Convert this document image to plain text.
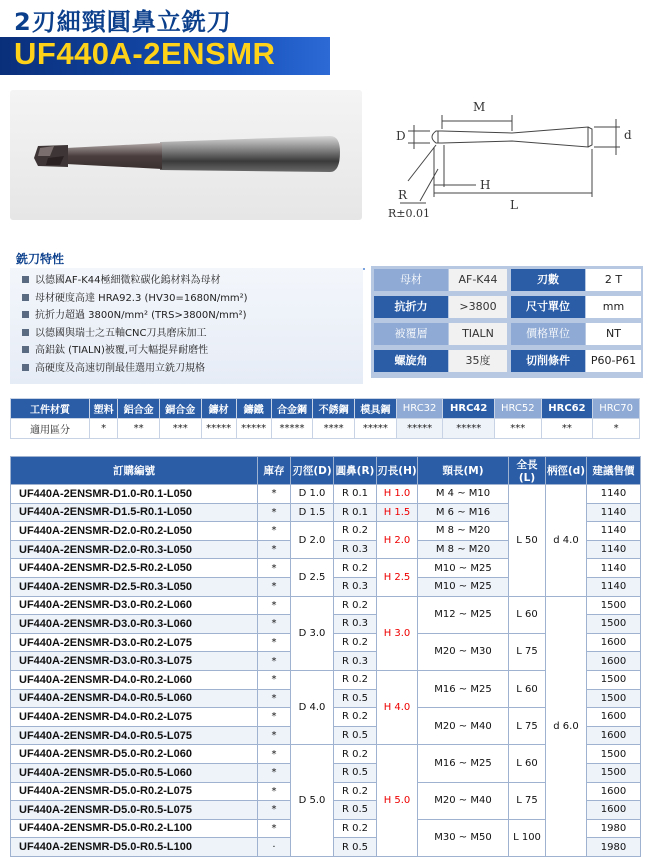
2刃細頸圓鼻立銑刀
UF440A-2ENSMR
M
D	d
R
H
L
R±0.01
銑刀特性
以德國AF-K44極細微粒碳化鎢材料為母材
母材硬度高達 HRA92.3 (HV30=1680N/mm²)
抗折力超過 3800N/mm² (TRS>3800N/mm²)
以德國與瑞士之五軸CNC刀具磨床加工
高鋁鈦 (TIALN)被覆,可大幅提昇耐磨性
高硬度及高速切削最佳選用立銑刀規格
母材	AF-K44	刃數	2 T
抗折力	>3800	尺寸單位	mm
被覆層	TIALN	價格單位	NT
螺旋角	35度	切削條件	P60-P61
工件材質	塑料	鋁合金	銅合金	鑄材	鑄鐵	合金鋼	不銹鋼	模具鋼	HRC32	HRC42	HRC52	HRC62	HRC70
適用區分	*	**	***	*****	*****	*****	****	*****	*****	*****	***	**	*
訂購編號	庫存	刃徑(D)	圓鼻(R)	刃長(H)	頸長(M)	全長(L)	柄徑(d)	建議售價
UF440A-2ENSMR-D1.0-R0.1-L050	*	D 1.0	R 0.1	H 1.0	M 4 ~ M10	L 50	d 4.0	1140
UF440A-2ENSMR-D1.5-R0.1-L050	*	D 1.5	R 0.1	H 1.5	M 6 ~ M16			1140
UF440A-2ENSMR-D2.0-R0.2-L050	*	D 2.0	R 0.2	H 2.0	M 8 ~ M20			1140
UF440A-2ENSMR-D2.0-R0.3-L050	*		R 0.3		M 8 ~ M20			1140
UF440A-2ENSMR-D2.5-R0.2-L050	*	D 2.5	R 0.2	H 2.5	M10 ~ M25			1140
UF440A-2ENSMR-D2.5-R0.3-L050	*		R 0.3		M10 ~ M25			1140
UF440A-2ENSMR-D3.0-R0.2-L060	*	D 3.0	R 0.2	H 3.0	M12 ~ M25	L 60	d 6.0	1500
UF440A-2ENSMR-D3.0-R0.3-L060	*		R 0.3					1500
UF440A-2ENSMR-D3.0-R0.2-L075	*		R 0.2		M20 ~ M30	L 75		1600
UF440A-2ENSMR-D3.0-R0.3-L075	*		R 0.3					1600
UF440A-2ENSMR-D4.0-R0.2-L060	*	D 4.0	R 0.2	H 4.0	M16 ~ M25	L 60		1500
UF440A-2ENSMR-D4.0-R0.5-L060	*		R 0.5					1500
UF440A-2ENSMR-D4.0-R0.2-L075	*		R 0.2		M20 ~ M40	L 75		1600
UF440A-2ENSMR-D4.0-R0.5-L075	*		R 0.5					1600
UF440A-2ENSMR-D5.0-R0.2-L060	*	D 5.0	R 0.2	H 5.0	M16 ~ M25	L 60		1500
UF440A-2ENSMR-D5.0-R0.5-L060	*		R 0.5					1500
UF440A-2ENSMR-D5.0-R0.2-L075	*		R 0.2		M20 ~ M40	L 75		1600
UF440A-2ENSMR-D5.0-R0.5-L075	*		R 0.5					1600
UF440A-2ENSMR-D5.0-R0.2-L100	*		R 0.2		M30 ~ M50	L 100		1980
UF440A-2ENSMR-D5.0-R0.5-L100	·		R 0.5					1980
